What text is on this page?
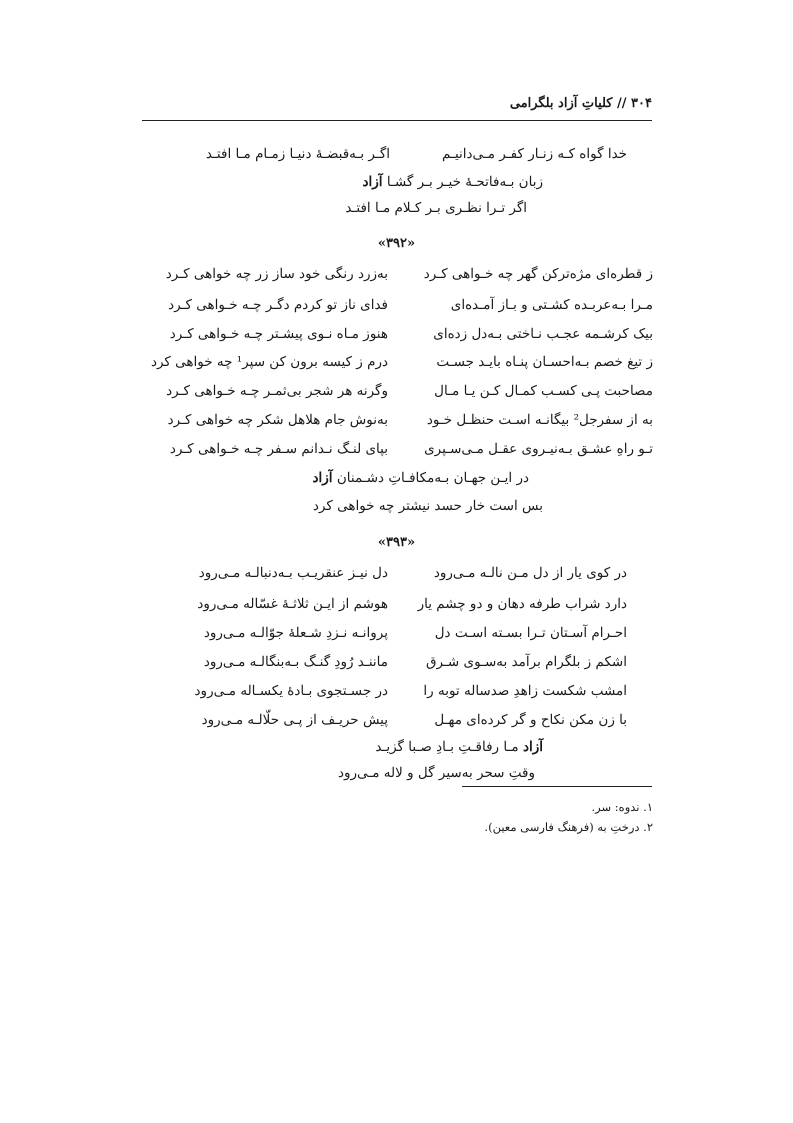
۳۰۴ // کلیاتِ آزاد بلگرامی
خدا گواه کـه زنـار کفـر مـی‌دانیـم
اگـر بـه‌قبضـهٔ دنیـا زمـام مـا افتـد
زبان بـه‌فاتحـهٔ خیـر بـر گشـا آزاد
اگر تـرا نظـری بـر کـلام مـا افتـد
«۳۹۲»
ز قطره‌ای مژه‌ترکن گهر چه خـواهی کـرد
به‌زرد رنگی خود ساز زر چه خواهی کـرد
مـرا بـه‌عربـده کشـتی و بـاز آمـده‌ای
فدای ناز تو کردم دگـر چـه خـواهی کـرد
بیک کرشـمه عجـب نـاختی بـه‌دل زده‌ای
هنوز مـاه نـوی پیشـتر چـه خـواهی کـرد
ز تیغ خصم بـه‌احسـان پنـاه بایـد جسـت
درم ز کیسه برون کن سپر¹ چه خواهی کرد
مصاحبت پـی کسـب کمـال کـن یـا مـال
وگرنه هر شجر بی‌ثمـر چـه خـواهی کـرد
به از سفرجل² بیگانـه اسـت حنظـل خـود
به‌نوش جام هلاهل شکر چه خواهی کـرد
تـو راهِ عشـق بـه‌نیـروی عقـل مـی‌سـپری
بپای لنـگ نـدانم سـفر چـه خـواهی کـرد
در ایـن جهـان بـه‌مکافـاتِ دشـمنان آزاد
بس است خار حسد نیشتر چه خواهی کرد
«۳۹۳»
در کوی یار از دل مـن نالـه مـی‌رود
دل نیـز عنقریـب بـه‌دنبالـه مـی‌رود
دارد شراب طرفه دهان و دو چشم یار
هوشم از ایـن ثلاثـهٔ غسّاله مـی‌رود
احـرام آسـتان تـرا بسـته اسـت دل
پروانـه نـزدِ شـعلهٔ جوّالـه مـی‌رود
اشکم ز بلگرام برآمد به‌سـوی شـرق
ماننـد رُودِ گنـگ بـه‌بنگالـه مـی‌رود
امشب شکست زاهدِ صدساله توبه را
در جسـتجوی بـادهٔ یکسـاله مـی‌رود
با زن مکن نکاح و گر کرده‌ای مهـل
پیش حریـف از پـی حلّالـه مـی‌رود
آزاد مـا رفاقـتِ بـادِ صـبا گزیـد
وقتِ سحر به‌سیر گل و لاله مـی‌رود
۱. ندوه: سر.
۲. درختِ به (فرهنگ فارسی معین).
